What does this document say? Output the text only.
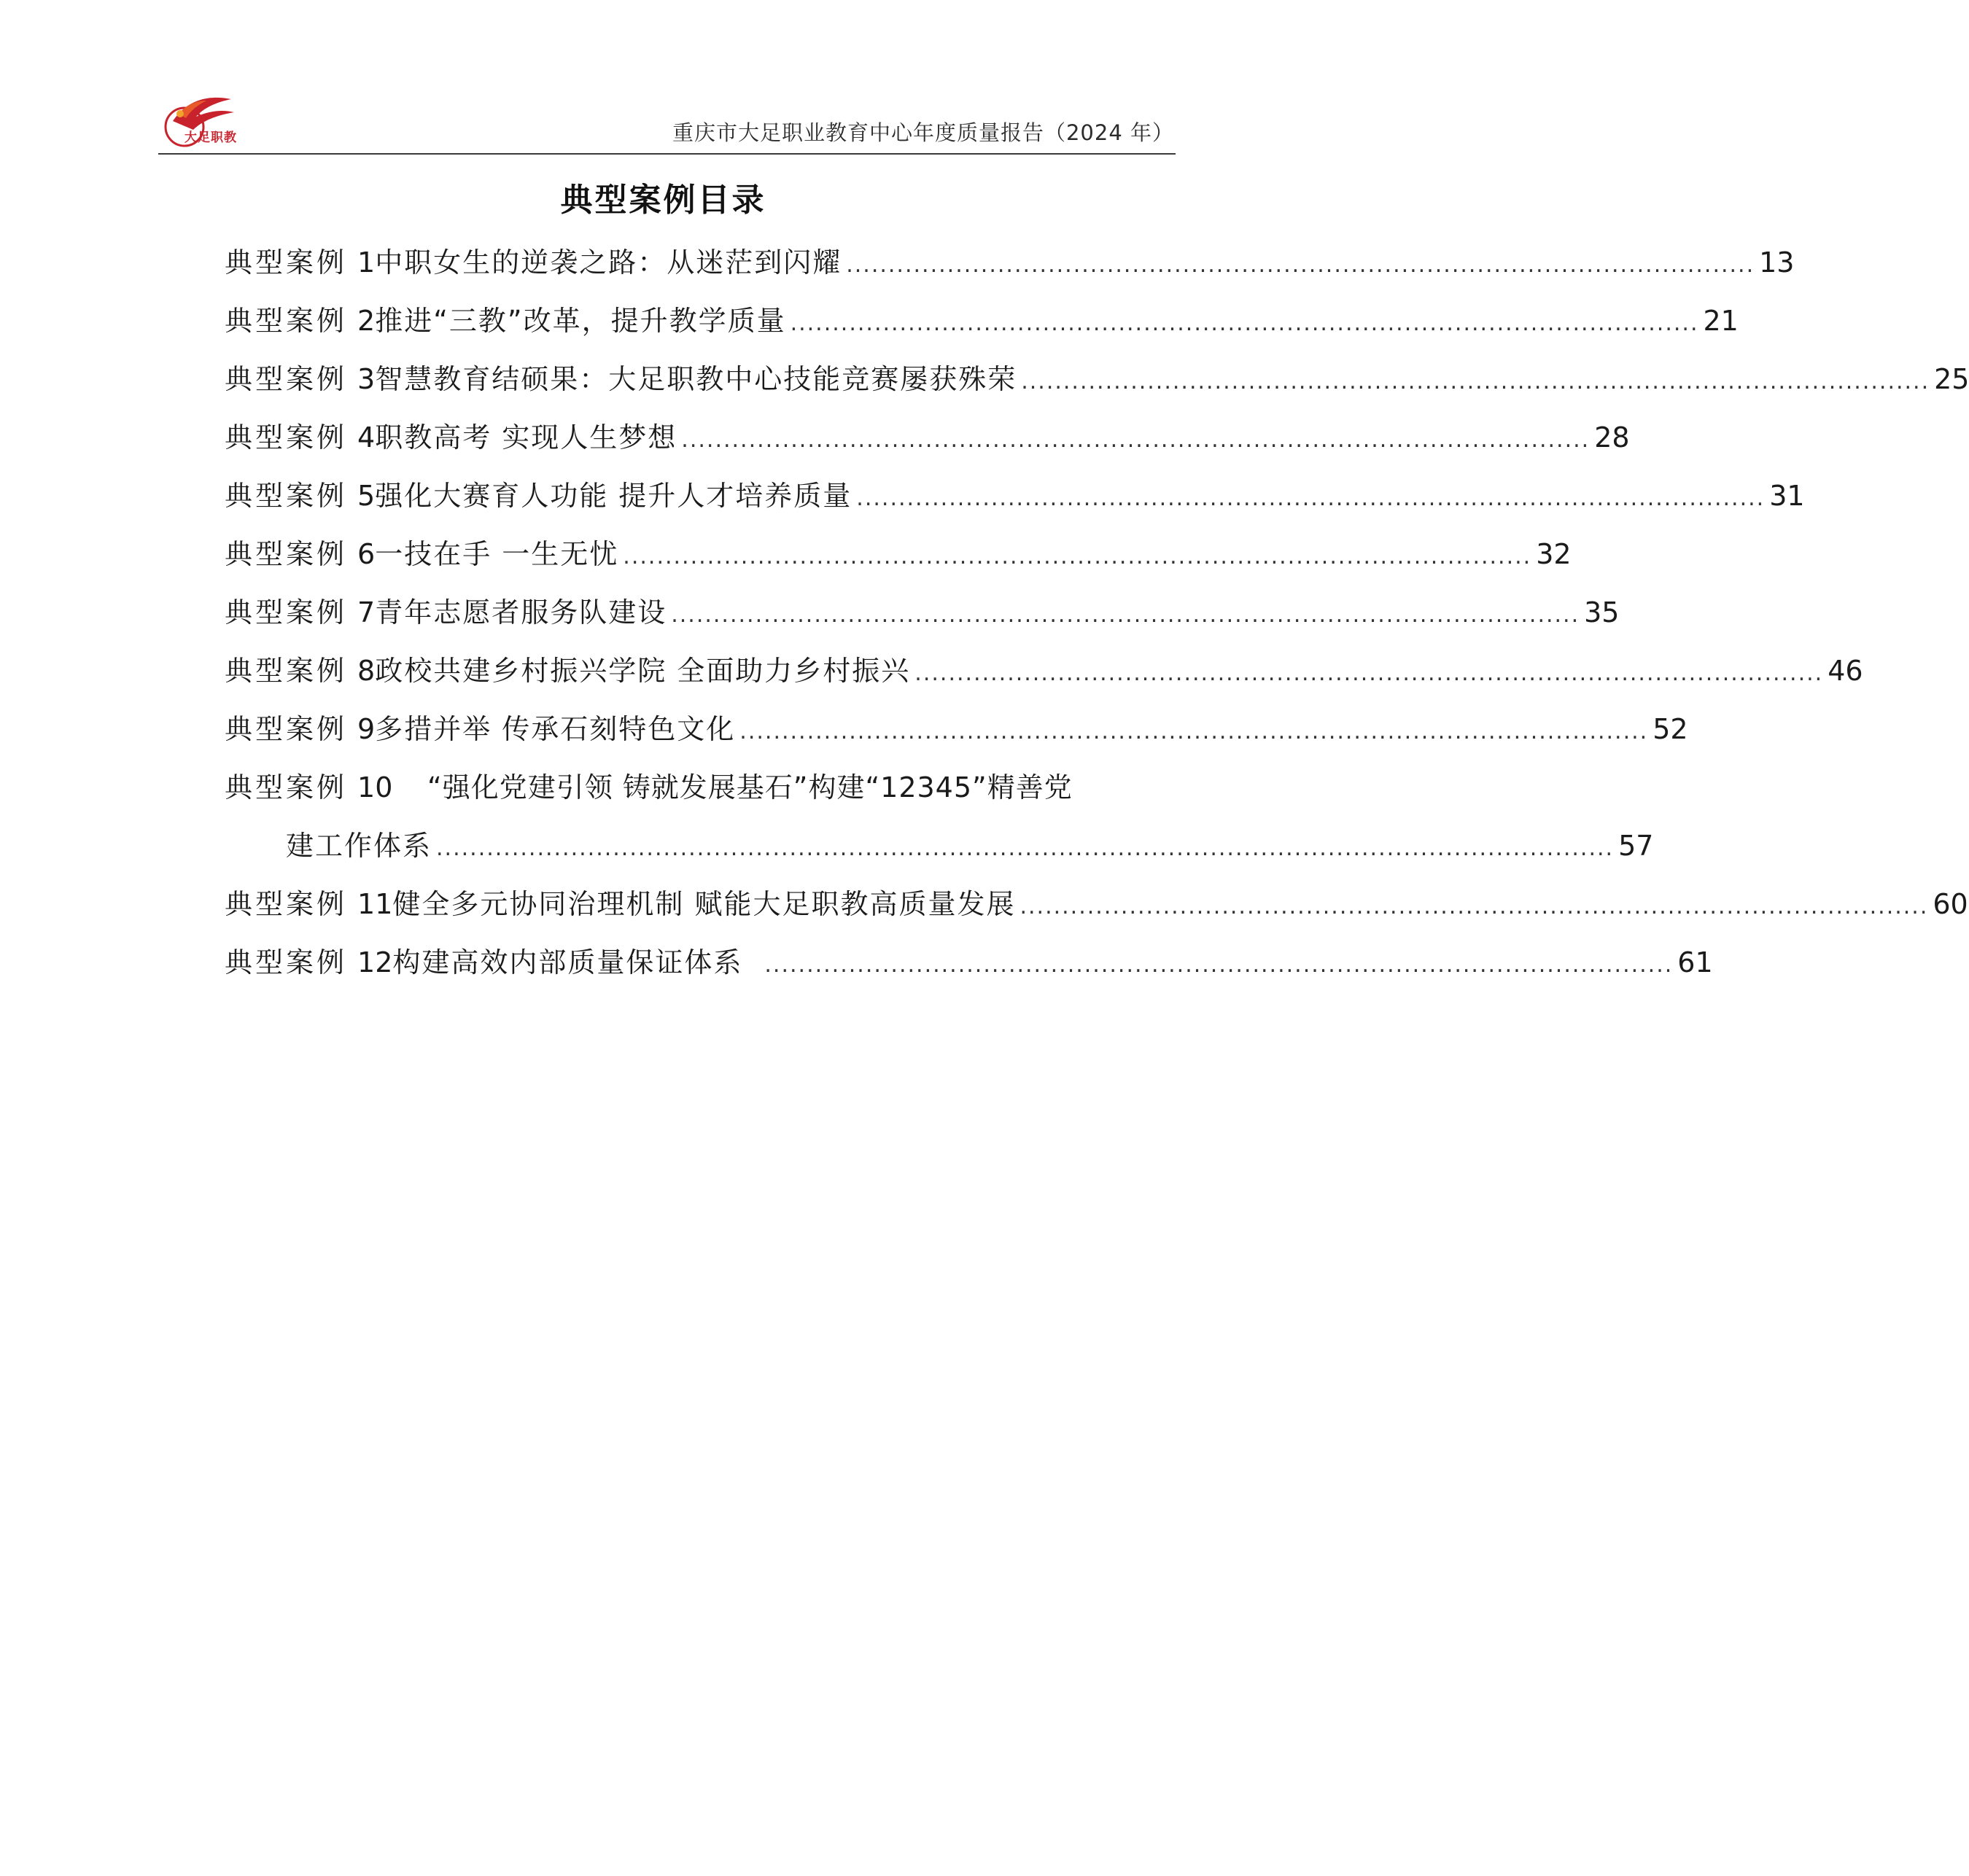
大足职教	重庆市大足职业教育中心年度质量报告（2024 年）
典型案例目录
典型案例 1 中职女生的逆袭之路：从迷茫到闪耀 ............................................................................................................ 13
典型案例 2 推进“三教”改革，提升教学质量 ............................................................................................................ 21
典型案例 3 智慧教育结硕果：大足职教中心技能竞赛屡获殊荣 ............................................................................................................ 25
典型案例 4 职教高考 实现人生梦想 ............................................................................................................ 28
典型案例 5 强化大赛育人功能 提升人才培养质量 ............................................................................................................ 31
典型案例 6 一技在手 一生无忧 ............................................................................................................ 32
典型案例 7 青年志愿者服务队建设 ............................................................................................................ 35
典型案例 8 政校共建乡村振兴学院 全面助力乡村振兴 ............................................................................................................ 46
典型案例 9 多措并举 传承石刻特色文化 ............................................................................................................ 52
典型案例 10	“强化党建引领 铸就发展基石”构建“12345”精善党
建工作体系 ............................................................................................................................................ 57
典型案例 11 健全多元协同治理机制 赋能大足职教高质量发展 ............................................................................................................ 60
典型案例 12 构建高效内部质量保证体系 ............................................................................................................ 61
